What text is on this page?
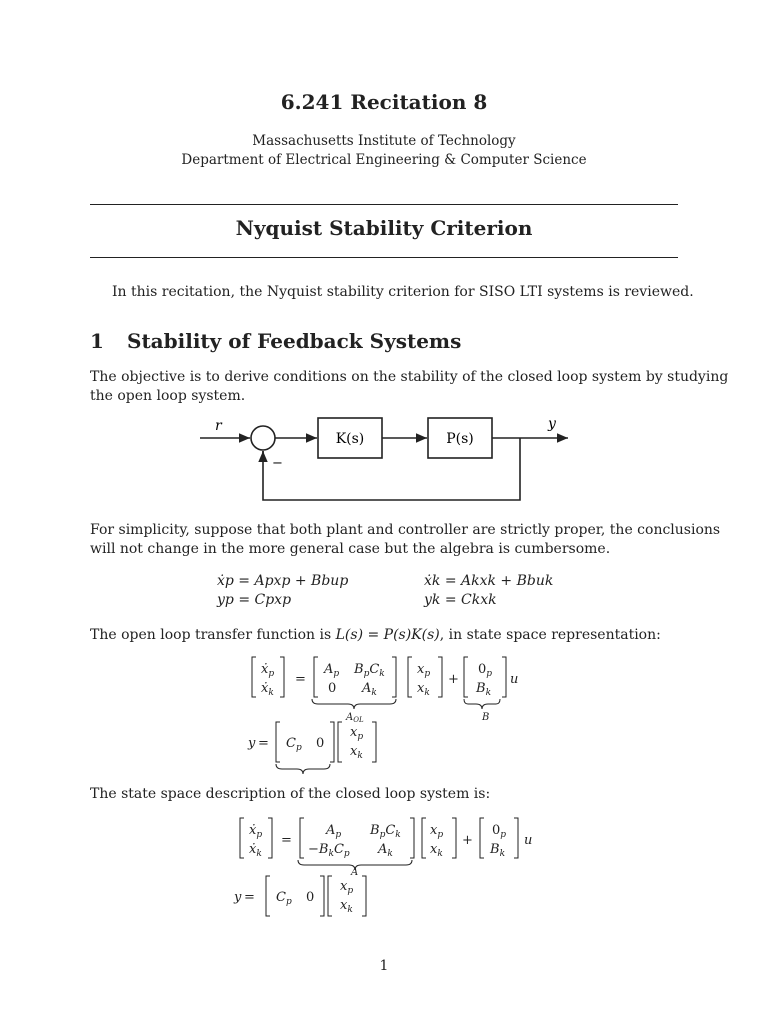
6.241 Recitation 8
Massachusetts Institute of Technology
Department of Electrical Engineering & Computer Science
Nyquist Stability Criterion
In this recitation, the Nyquist stability criterion for SISO LTI systems is reviewed.
1 Stability of Feedback Systems
The objective is to derive conditions on the stability of the closed loop system by studying
the open loop system.
r	y
−
K(s)	P(s)
For simplicity, suppose that both plant and controller are strictly proper, the conclusions
will not change in the more general case but the algebra is cumbersome.
ẋp = Apxp + Bbup
yp = Cpxp
ẋk = Akxk + Bbuk
yk = Ckxk
The open loop transfer function is L(s) = P(s)K(s), in state space representation:
ẋ$_p$
ẋ$_k$
=
$A_p$ $B_pC_k$
0 $A_k$
$x_p$
$x_k$
+
$0_p$
$B_k$
u
$A_{OL}$	B
$y = C_p$ 0
$x_p$
$x_k$
The state space description of the closed loop system is:
ẋ$_p$
ẋ$_k$
=
$A_p$ $B_pC_k$
$-B_kC_p$ $A_k$
$x_p$
$x_k$
+
$0_p$
$B_k$
u
A
$y = C_p$ 0
$x_p$
$x_k$
1
